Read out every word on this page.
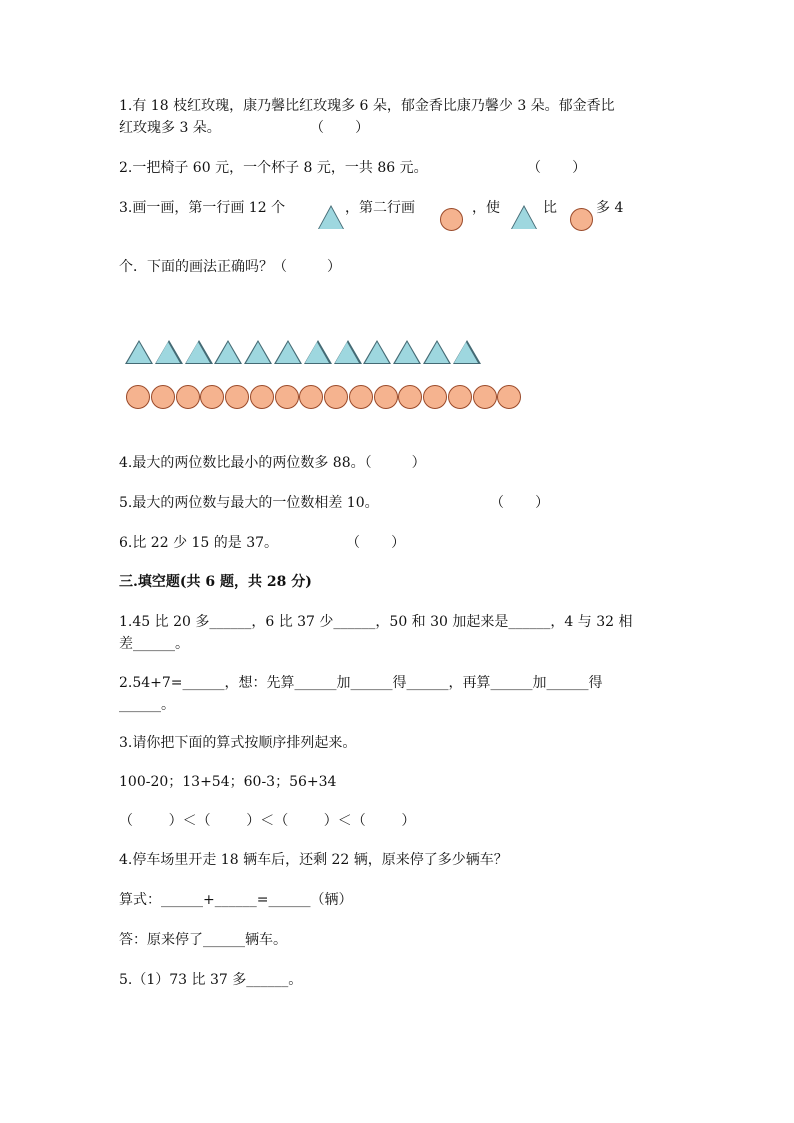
1.有 18 枝红玫瑰，康乃馨比红玫瑰多 6 朵，郁金香比康乃馨少 3 朵。郁金香比
红玫瑰多 3 朵。	（       ）
2.一把椅子 60 元，一个杯子 8 元，一共 86 元。	（       ）
3.画一画，第一行画 12 个	，第二行画	，使	比	多 4
个．下面的画法正确吗？（         ）
4.最大的两位数比最小的两位数多 88。（         ）
5.最大的两位数与最大的一位数相差 10。	（       ）
6.比 22 少 15 的是 37。	（       ）
三.填空题(共 6 题，共 28 分)
1.45 比 20 多______，6 比 37 少______，50 和 30 加起来是______，4 与 32 相
差______。
2.54+7=______，想：先算______加______得______，再算______加______得
______。
3.请你把下面的算式按顺序排列起来。
100-20；13+54；60-3；56+34
（        ）＜（        ）＜（        ）＜（        ）
4.停车场里开走 18 辆车后，还剩 22 辆，原来停了多少辆车？
算式：______+______=______（辆）
答：原来停了______辆车。
5.（1）73 比 37 多______。
